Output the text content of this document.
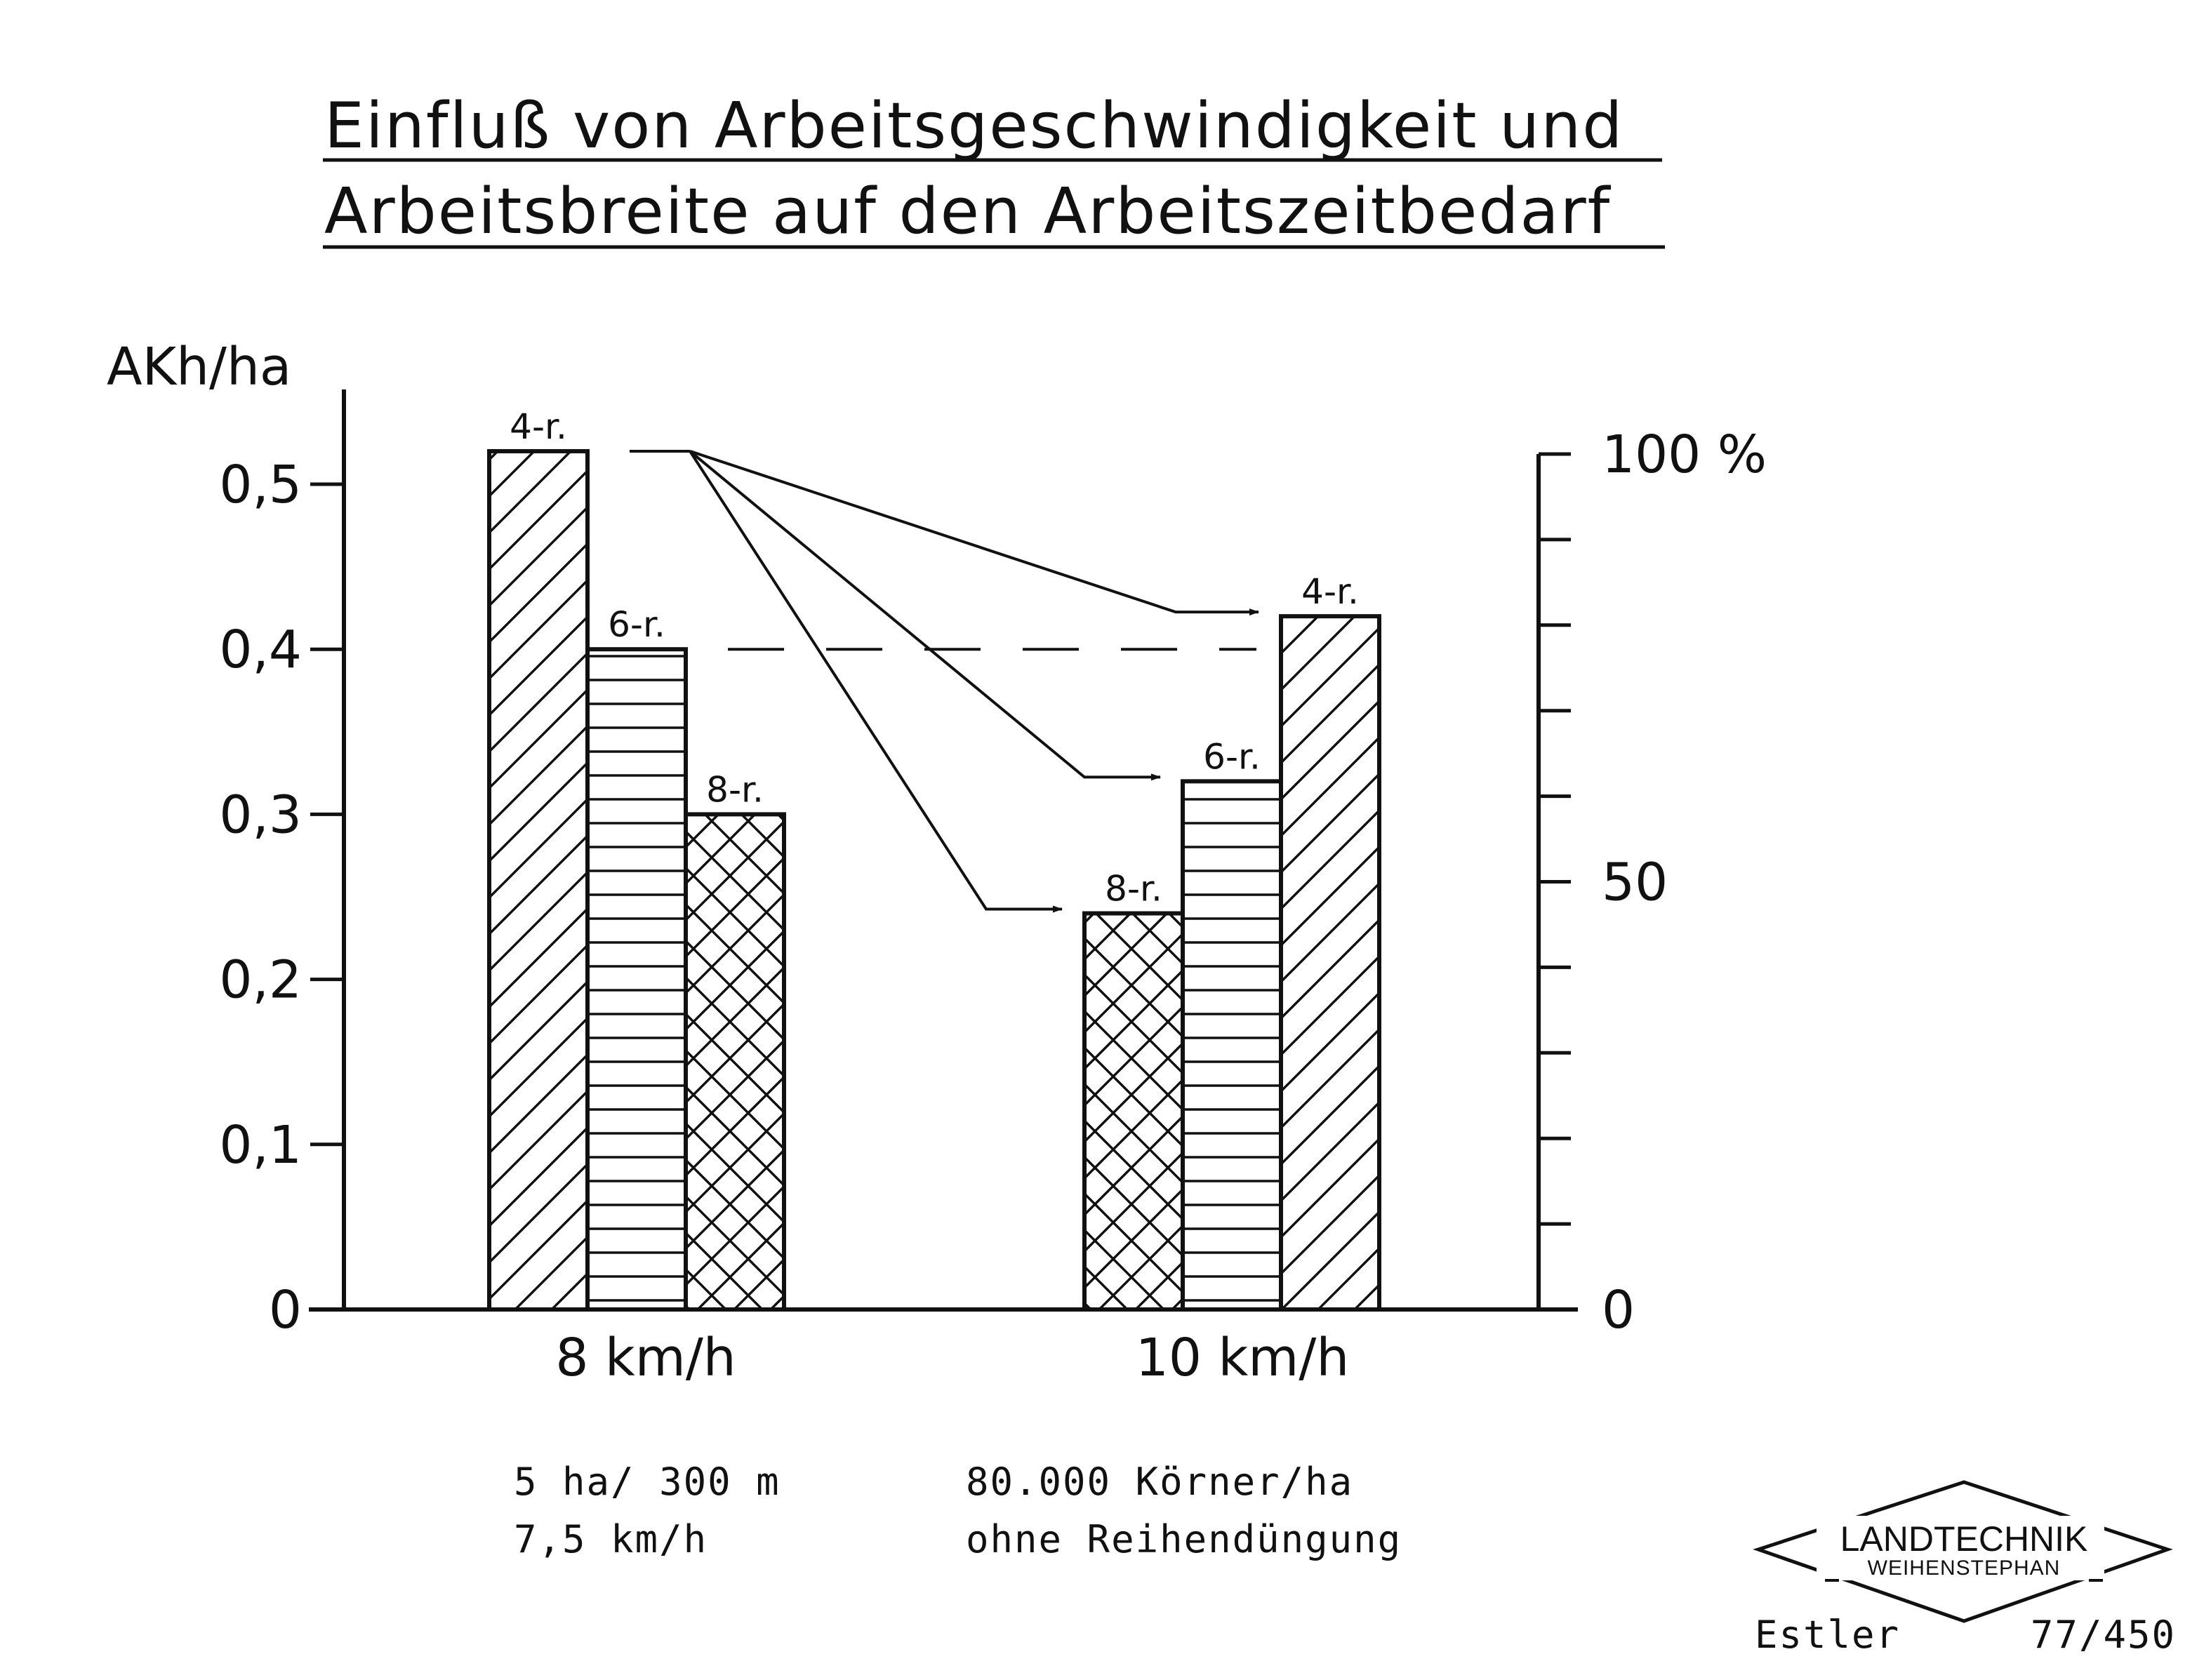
Einfluß von Arbeitsgeschwindigkeit und
Arbeitsbreite auf den Arbeitszeitbedarf
AKh/ha
0
0,1
0,2
0,3
0,4
0,5
0
50
100 %
4-r.
6-r.
8-r.
8-r.
6-r.
4-r.
8 km/h	10 km/h
5 ha/ 300 m
7,5 km/h
80.000 Körner/ha
ohne Reihendüngung	LANDTECHNIK
WEIHENSTEPHAN
Estler	77/450
